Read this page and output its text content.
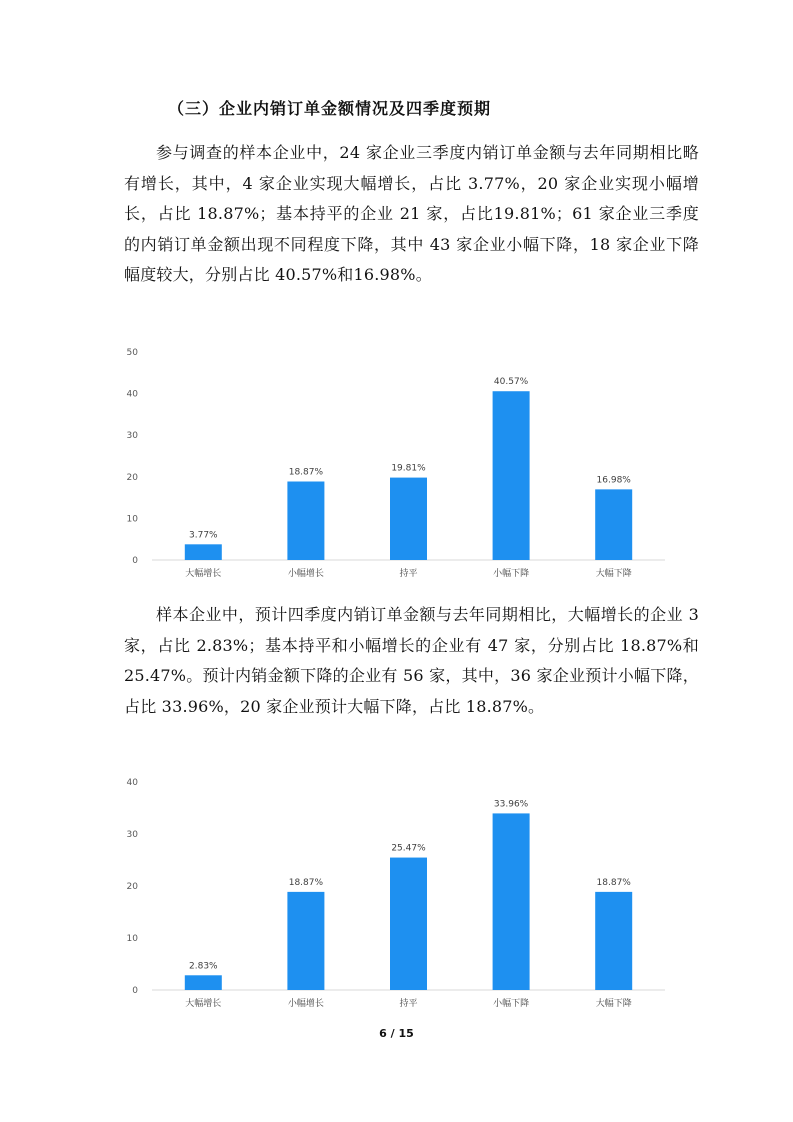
（三）企业内销订单金额情况及四季度预期

参与调查的样本企业中，24 家企业三季度内销订单金额与去年同期相比略有增长，其中，4 家企业实现大幅增长，占比 3.77%，20 家企业实现小幅增长，占比 18.87%；基本持平的企业 21 家，占比19.81%；61 家企业三季度的内销订单金额出现不同程度下降，其中 43 家企业小幅下降，18 家企业下降幅度较大，分别占比 40.57%和16.98%。

0
10
20
30
40
50
3.77%
大幅增长
18.87%
小幅增长
19.81%
持平
40.57%
小幅下降
16.98%
大幅下降

样本企业中，预计四季度内销订单金额与去年同期相比，大幅增长的企业 3 家，占比 2.83%；基本持平和小幅增长的企业有 47 家，分别占比 18.87%和 25.47%。预计内销金额下降的企业有 56 家，其中，36 家企业预计小幅下降，占比 33.96%，20 家企业预计大幅下降，占比 18.87%。

0
10
20
30
40
2.83%
大幅增长
18.87%
小幅增长
25.47%
持平
33.96%
小幅下降
18.87%
大幅下降
6 / 15
